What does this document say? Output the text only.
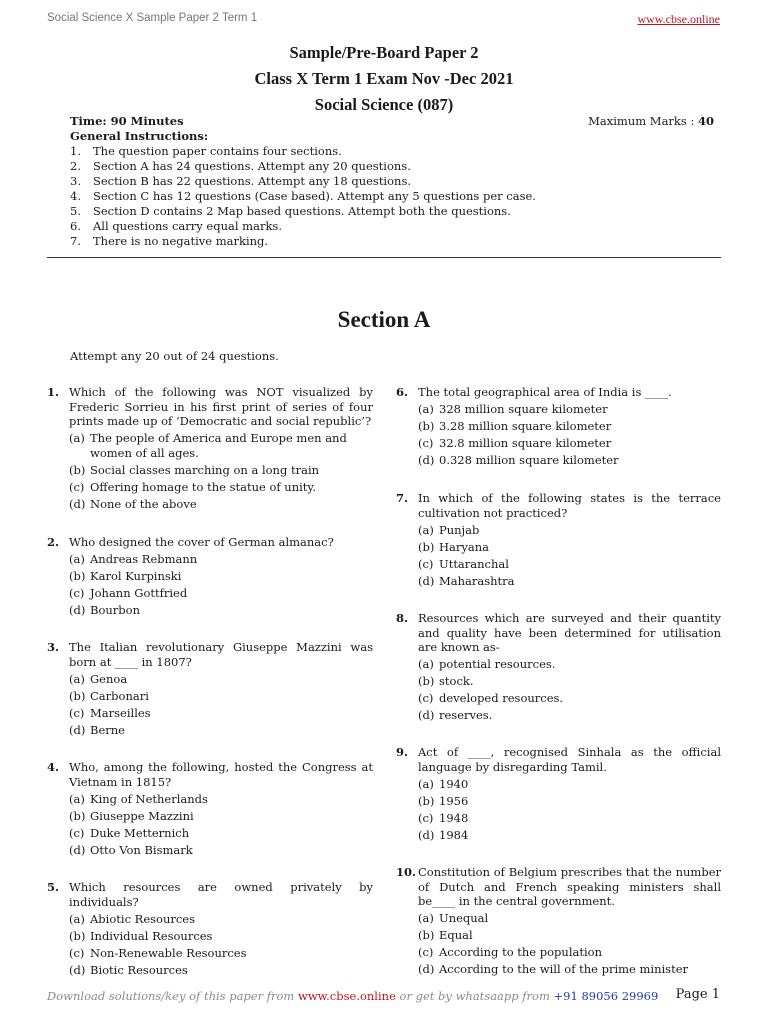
Social Science X Sample Paper 2 Term 1	www.cbse.online
Sample/Pre-Board Paper 2
Class X Term 1 Exam Nov -Dec 2021
Social Science (087)
Time: 90 Minutes	Maximum Marks : 40
General Instructions:
1. The question paper contains four sections.
2. Section A has 24 questions. Attempt any 20 questions.
3. Section B has 22 questions. Attempt any 18 questions.
4. Section C has 12 questions (Case based). Attempt any 5 questions per case.
5. Section D contains 2 Map based questions. Attempt both the questions.
6. All questions carry equal marks.
7. There is no negative marking.
Section A
Attempt any 20 out of 24 questions.
1. Which of the following was NOT visualized by Frederic Sorrieu in his first print of series of four prints made up of ‘Democratic and social republic’?
(a) The people of America and Europe men and women of all ages.
(b) Social classes marching on a long train
(c) Offering homage to the statue of unity.
(d) None of the above
2. Who designed the cover of German almanac?
(a) Andreas Rebmann
(b) Karol Kurpinski
(c) Johann Gottfried
(d) Bourbon
3. The Italian revolutionary Giuseppe Mazzini was born at ____ in 1807?
(a) Genoa
(b) Carbonari
(c) Marseilles
(d) Berne
4. Who, among the following, hosted the Congress at Vietnam in 1815?
(a) King of Netherlands
(b) Giuseppe Mazzini
(c) Duke Metternich
(d) Otto Von Bismark
5. Which resources are owned privately by individuals?
(a) Abiotic Resources
(b) Individual Resources
(c) Non-Renewable Resources
(d) Biotic Resources
6. The total geographical area of India is ____.
(a) 328 million square kilometer
(b) 3.28 million square kilometer
(c) 32.8 million square kilometer
(d) 0.328 million square kilometer
7. In which of the following states is the terrace cultivation not practiced?
(a) Punjab
(b) Haryana
(c) Uttaranchal
(d) Maharashtra
8. Resources which are surveyed and their quantity and quality have been determined for utilisation are known as-
(a) potential resources.
(b) stock.
(c) developed resources.
(d) reserves.
9. Act of ____, recognised Sinhala as the official language by disregarding Tamil.
(a) 1940
(b) 1956
(c) 1948
(d) 1984
10. Constitution of Belgium prescribes that the number of Dutch and French speaking ministers shall be____ in the central government.
(a) Unequal
(b) Equal
(c) According to the population
(d) According to the will of the prime minister
Download solutions/key of this paper from www.cbse.online or get by whatsaapp from +91 89056 29969 Page 1
